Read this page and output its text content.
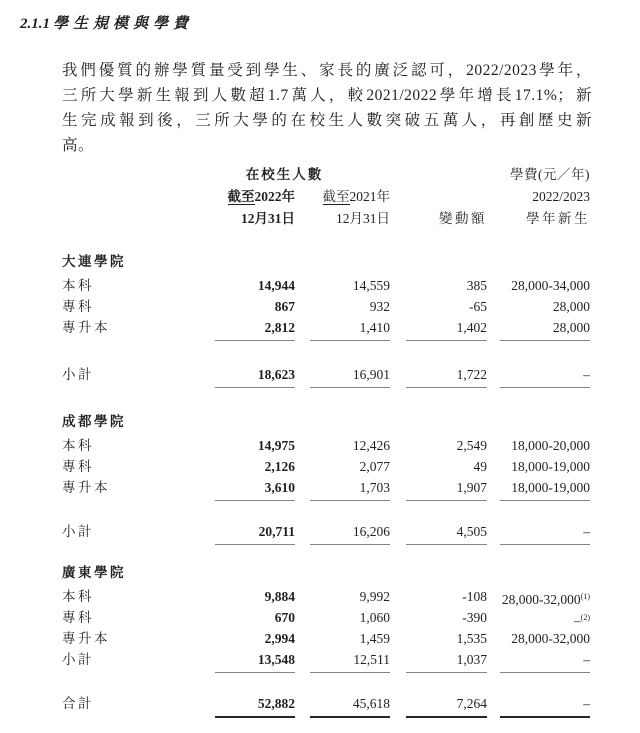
2.1.1 學生規模與學費
我們優質的辦學質量受到學生、家長的廣泛認可，2022/2023學年，
三所大學新生報到人數超1.7萬人，較2021/2022學年增長17.1%；新
生完成報到後，三所大學的在校生人數突破五萬人，再創歷史新
高。
在校生人數	學費(元／年)
截至2022年	截至2021年	2022/2023
12月31日	12月31日	變動額	學年新生
大連學院
本科	14,944	14,559	385	28,000-34,000
專科	867	932	-65	28,000
專升本	2,812	1,410	1,402	28,000
小計	18,623	16,901	1,722	–
成都學院
本科	14,975	12,426	2,549	18,000-20,000
專科	2,126	2,077	49	18,000-19,000
專升本	3,610	1,703	1,907	18,000-19,000
小計	20,711	16,206	4,505	–
廣東學院
本科	9,884	9,992	-108	28,000-32,000$^{(1)}$
專科	670	1,060	-390	–$^{(2)}$
專升本	2,994	1,459	1,535	28,000-32,000
小計	13,548	12,511	1,037	–
合計	52,882	45,618	7,264	–
